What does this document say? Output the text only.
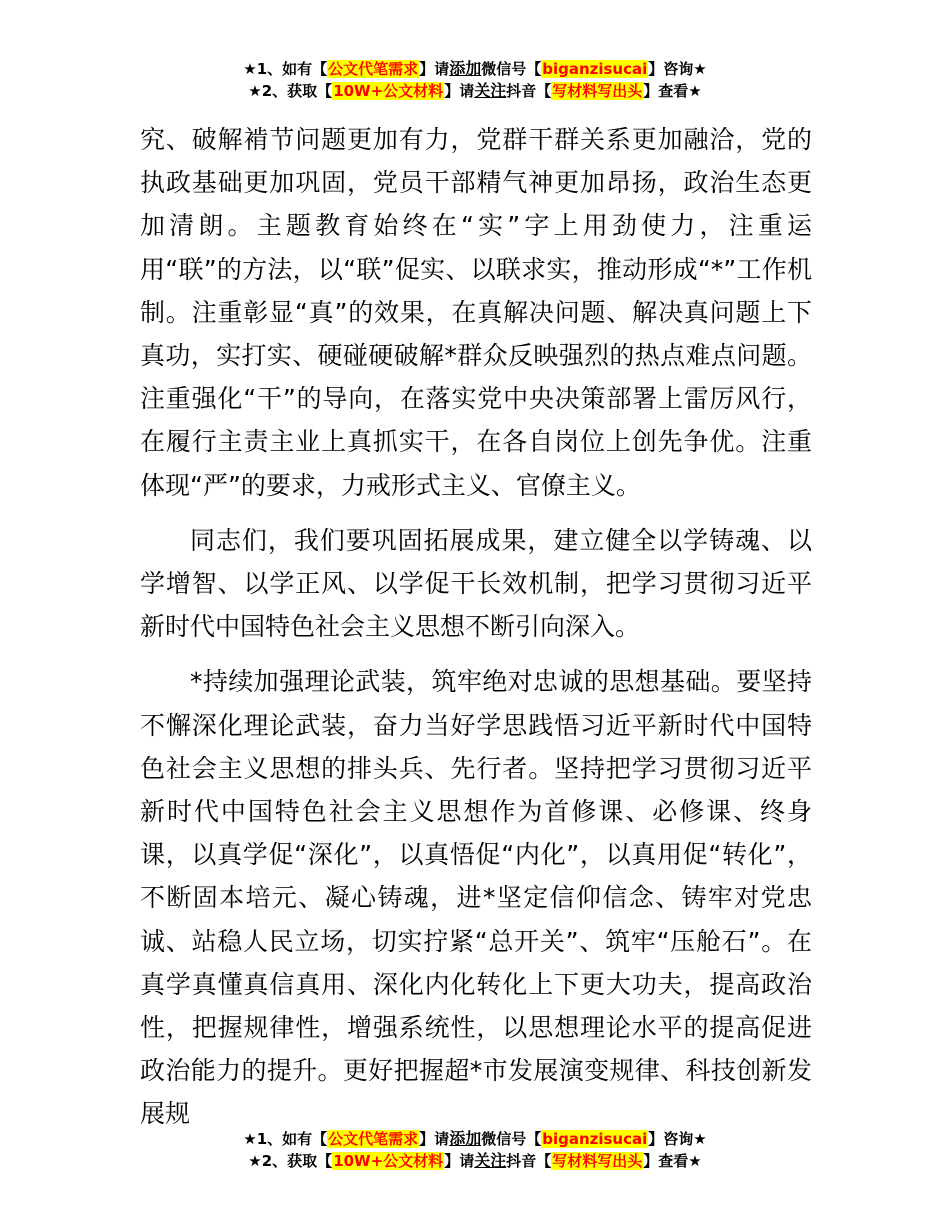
★1、如有【公文代笔需求】请添加微信号【biganzisucai】咨询★
★2、获取【10W+公文材料】请关注抖音【写材料写出头】查看★

究、破解褃节问题更加有力，党群干群关系更加融洽，党的执政基础更加巩固，党员干部精气神更加昂扬，政治生态更加清朗。主题教育始终在“实”字上用劲使力，注重运用“联”的方法，以“联”促实、以联求实，推动形成“*”工作机制。注重彰显“真”的效果，在真解决问题、解决真问题上下真功，实打实、硬碰硬破解*群众反映强烈的热点难点问题。注重强化“干”的导向，在落实党中央决策部署上雷厉风行，在履行主责主业上真抓实干，在各自岗位上创先争优。注重体现“严”的要求，力戒形式主义、官僚主义。

同志们，我们要巩固拓展成果，建立健全以学铸魂、以学增智、以学正风、以学促干长效机制，把学习贯彻习近平新时代中国特色社会主义思想不断引向深入。

*持续加强理论武装，筑牢绝对忠诚的思想基础。要坚持不懈深化理论武装，奋力当好学思践悟习近平新时代中国特色社会主义思想的排头兵、先行者。坚持把学习贯彻习近平新时代中国特色社会主义思想作为首修课、必修课、终身课，以真学促“深化”，以真悟促“内化”，以真用促“转化”，不断固本培元、凝心铸魂，进*坚定信仰信念、铸牢对党忠诚、站稳人民立场，切实拧紧“总开关”、筑牢“压舱石”。在真学真懂真信真用、深化内化转化上下更大功夫，提高政治性，把握规律性，增强系统性，以思想理论水平的提高促进政治能力的提升。更好把握超*市发展演变规律、科技创新发展规

★1、如有【公文代笔需求】请添加微信号【biganzisucai】咨询★
★2、获取【10W+公文材料】请关注抖音【写材料写出头】查看★
